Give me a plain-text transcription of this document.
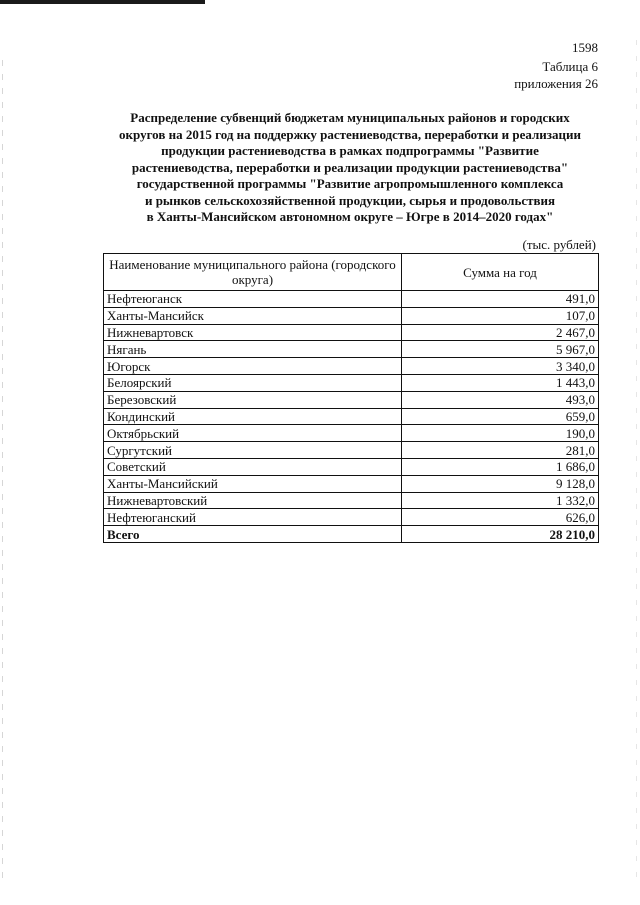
1598
Таблица 6
приложения 26
Распределение субвенций бюджетам муниципальных районов и городских
округов на 2015 год на поддержку растениеводства, переработки и реализации
продукции растениеводства в рамках подпрограммы "Развитие
растениеводства, переработки и реализации продукции растениеводства"
государственной программы "Развитие агропромышленного комплекса
и рынков сельскохозяйственной продукции, сырья и продовольствия
в Ханты-Мансийском автономном округе – Югре в 2014–2020 годах"
(тыс. рублей)
Наименование муниципального района (городского округа)	Сумма на год
Нефтеюганск	491,0
Ханты-Мансийск	107,0
Нижневартовск	2 467,0
Нягань	5 967,0
Югорск	3 340,0
Белоярский	1 443,0
Березовский	493,0
Кондинский	659,0
Октябрьский	190,0
Сургутский	281,0
Советский	1 686,0
Ханты-Мансийский	9 128,0
Нижневартовский	1 332,0
Нефтеюганский	626,0
Всего	28 210,0
